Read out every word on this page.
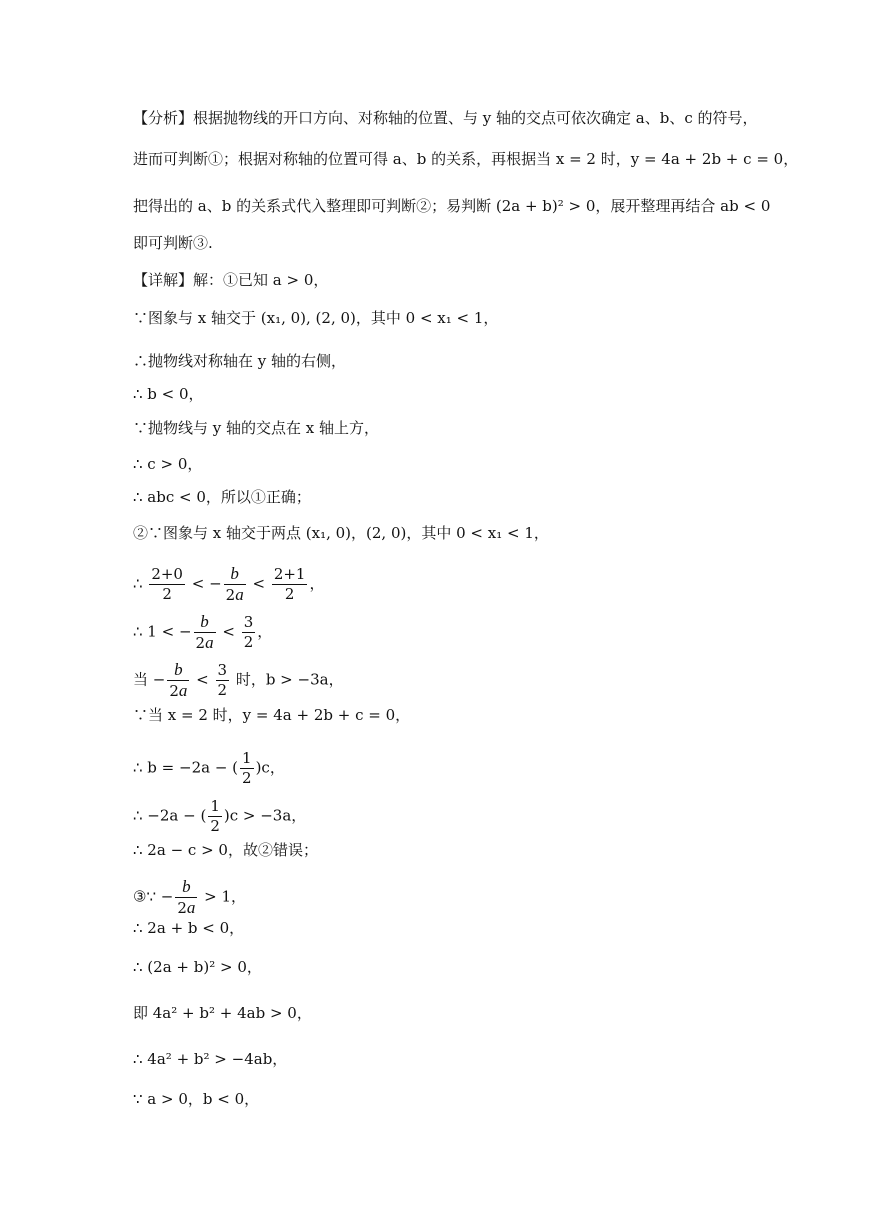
【分析】根据抛物线的开口方向、对称轴的位置、与 y 轴的交点可依次确定 a、b、c 的符号，
进而可判断①；根据对称轴的位置可得 a、b 的关系，再根据当 x = 2 时，y = 4a + 2b + c = 0，
把得出的 a、b 的关系式代入整理即可判断②；易判断 (2a + b)² > 0，展开整理再结合 ab < 0
即可判断③.
【详解】解：①已知 a > 0，
∵图象与 x 轴交于 (x₁, 0), (2, 0)，其中 0 < x₁ < 1，
∴抛物线对称轴在 y 轴的右侧，
∴ b < 0，
∵抛物线与 y 轴的交点在 x 轴上方，
∴ c > 0，
∴ abc < 0，所以①正确；
②∵图象与 x 轴交于两点 (x₁, 0)，(2, 0)，其中 0 < x₁ < 1，
∴ $\frac{2+0}{2}$ < − $\frac{b}{2a} < \frac{2+1}{2}$ ，
∴ 1 < − $\frac{b}{2a} < \frac{3}{2}$ ，
当 − $\frac{b}{2a} < \frac{3}{2}$ 时，b > −3a，
∵当 x = 2 时，y = 4a + 2b + c = 0，
∴ b = −2a − ( $\frac{1}{2} )c$，
∴ −2a − ( $\frac{1}{2} )c > -3a$，
∴ 2a − c > 0，故②错误；
③∵ − $\frac{b}{2a} > 1$，
∴ 2a + b < 0，
∴ (2a + b)² > 0，
即 4a² + b² + 4ab > 0，
∴ 4a² + b² > −4ab，
∵ a > 0，b < 0，
